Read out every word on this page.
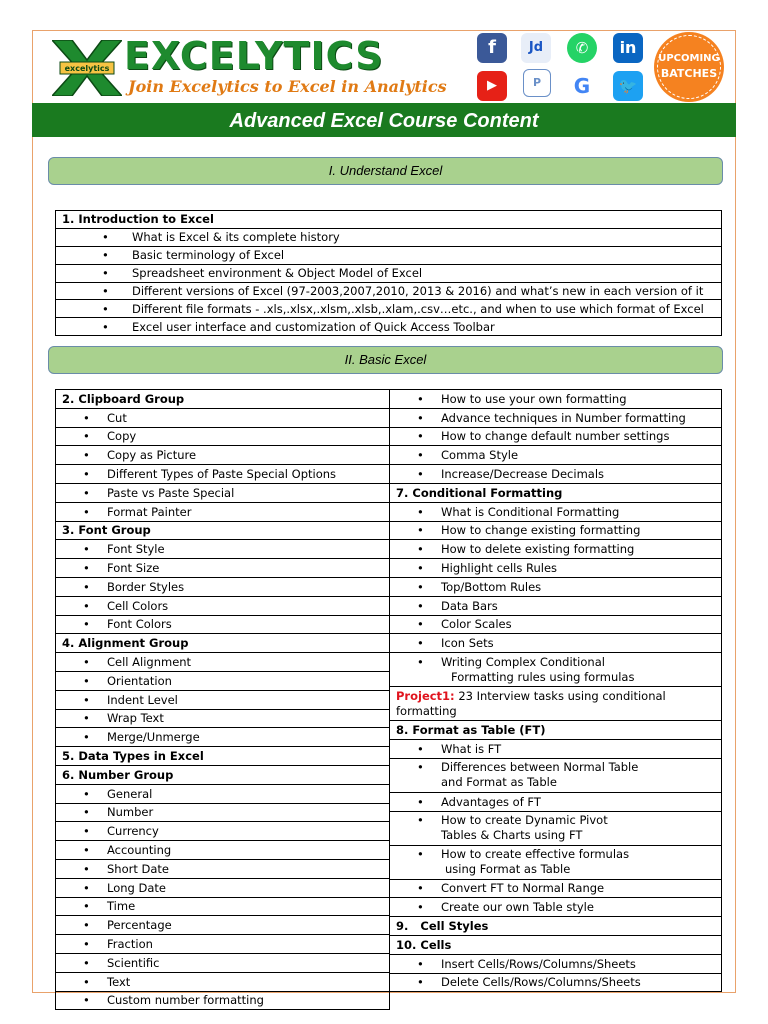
excelytics EXCELYTICS
Join Excelytics to Excel in Analytics
f	Jd	✆	in
▶	P	G	🐦
UPCOMING
BATCHES
Advanced Excel Course Content
I. Understand Excel
1. Introduction to Excel
• What is Excel & its complete history
• Basic terminology of Excel
• Spreadsheet environment & Object Model of Excel
• Different versions of Excel (97-2003,2007,2010, 2013 & 2016) and what’s new in each version of it
• Different file formats - .xls,.xlsx,.xlsm,.xlsb,.xlam,.csv…etc., and when to use which format of Excel
• Excel user interface and customization of Quick Access Toolbar
II. Basic Excel
2. Clipboard Group
• Cut
• Copy
• Copy as Picture
• Different Types of Paste Special Options
• Paste vs Paste Special
• Format Painter
3. Font Group
• Font Style
• Font Size
• Border Styles
• Cell Colors
• Font Colors
4. Alignment Group
• Cell Alignment
• Orientation
• Indent Level
• Wrap Text
• Merge/Unmerge
5. Data Types in Excel
6. Number Group
• General
• Number
• Currency
• Accounting
• Short Date
• Long Date
• Time
• Percentage
• Fraction
• Scientific
• Text
• Custom number formatting
• How to use your own formatting
• Advance techniques in Number formatting
• How to change default number settings
• Comma Style
• Increase/Decrease Decimals
7. Conditional Formatting
• What is Conditional Formatting
• How to change existing formatting
• How to delete existing formatting
• Highlight cells Rules
• Top/Bottom Rules
• Data Bars
• Color Scales
• Icon Sets

• Writing Complex Conditional
Formatting rules using formulas

Project1: 23 Interview tasks using conditional formatting
8. Format as Table (FT)
• What is FT

• Differences between Normal Table
and Format as Table

• Advantages of FT

• How to create Dynamic Pivot
Tables & Charts using FT

• How to create effective formulas
using Format as Table

• Convert FT to Normal Range
• Create our own Table style
9.   Cell Styles
10. Cells
• Insert Cells/Rows/Columns/Sheets
• Delete Cells/Rows/Columns/Sheets
